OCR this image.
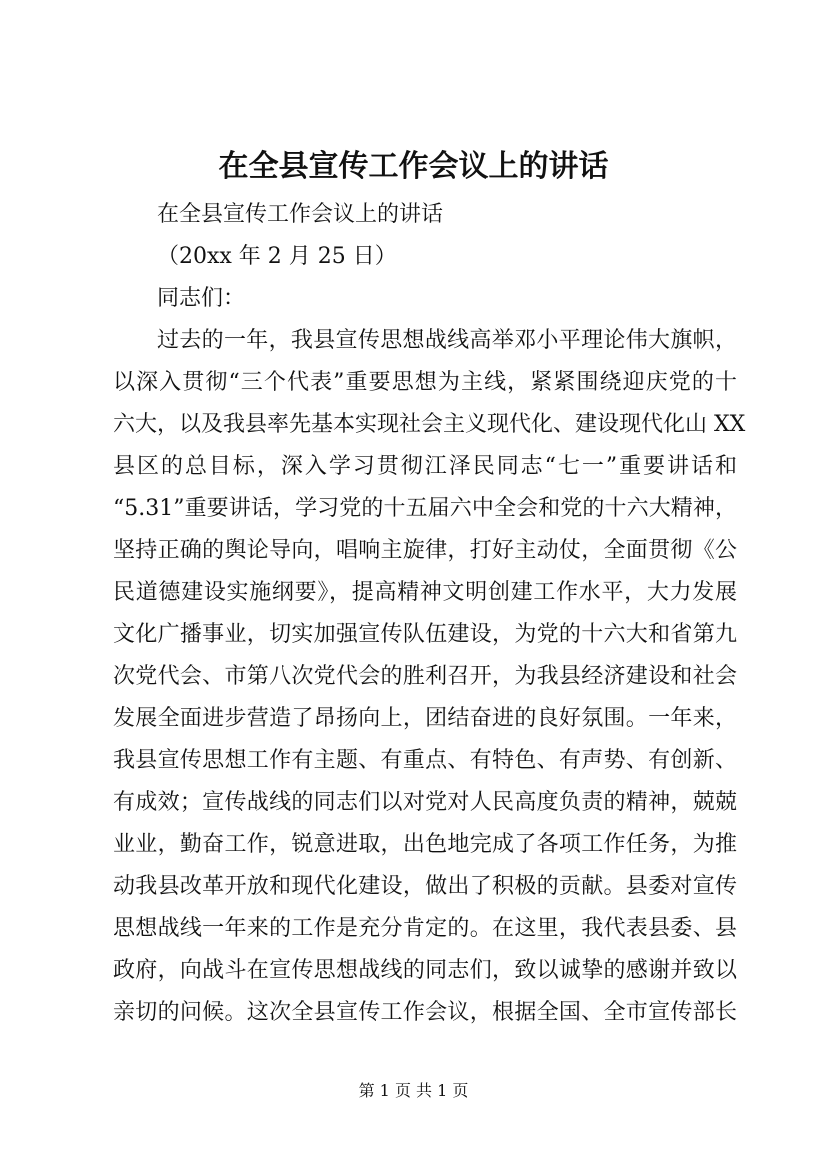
在全县宣传工作会议上的讲话
在全县宣传工作会议上的讲话
（20xx 年 2 月 25 日）
同志们：
过去的一年，我县宣传思想战线高举邓小平理论伟大旗帜，
以深入贯彻“三个代表”重要思想为主线，紧紧围绕迎庆党的十
六大，以及我县率先基本实现社会主义现代化、建设现代化山 XX
县区的总目标，深入学习贯彻江泽民同志“七一”重要讲话和
“5.31”重要讲话，学习党的十五届六中全会和党的十六大精神，
坚持正确的舆论导向，唱响主旋律，打好主动仗，全面贯彻《公
民道德建设实施纲要》，提高精神文明创建工作水平，大力发展
文化广播事业，切实加强宣传队伍建设，为党的十六大和省第九
次党代会、市第八次党代会的胜利召开，为我县经济建设和社会
发展全面进步营造了昂扬向上，团结奋进的良好氛围。一年来，
我县宣传思想工作有主题、有重点、有特色、有声势、有创新、
有成效；宣传战线的同志们以对党对人民高度负责的精神，兢兢
业业，勤奋工作，锐意进取，出色地完成了各项工作任务，为推
动我县改革开放和现代化建设，做出了积极的贡献。县委对宣传
思想战线一年来的工作是充分肯定的。在这里，我代表县委、县
政府，向战斗在宣传思想战线的同志们，致以诚挚的感谢并致以
亲切的问候。这次全县宣传工作会议，根据全国、全市宣传部长
第 1 页 共 1 页
